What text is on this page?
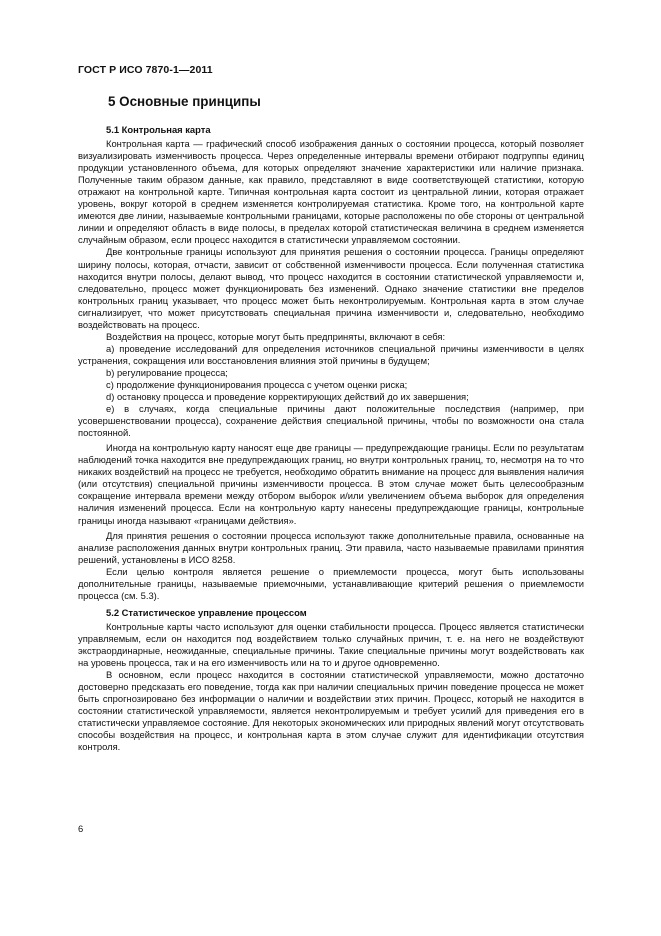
ГОСТ Р ИСО 7870-1—2011
5 Основные принципы
5.1 Контрольная карта

Контрольная карта — графический способ изображения данных о состоянии процесса, который позволяет визуализировать изменчивость процесса. Через определенные интервалы времени отбирают подгруппы единиц продукции установленного объема, для которых определяют значение характеристики или наличие признака. Полученные таким образом данные, как правило, представляют в виде соответствующей статистики, которую отражают на контрольной карте. Типичная контрольная карта состоит из центральной линии, которая отражает уровень, вокруг которой в среднем изменяется контролируемая статистика. Кроме того, на контрольной карте имеются две линии, называемые контрольными границами, которые расположены по обе стороны от центральной линии и определяют область в виде полосы, в пределах которой статистическая величина в среднем изменяется случайным образом, если процесс находится в статистически управляемом состоянии.

Две контрольные границы используют для принятия решения о состоянии процесса. Границы определяют ширину полосы, которая, отчасти, зависит от собственной изменчивости процесса. Если полученная статистика находится внутри полосы, делают вывод, что процесс находится в состоянии статистической управляемости и, следовательно, процесс может функционировать без изменений. Однако значение статистики вне пределов контрольных границ указывает, что процесс может быть неконтролируемым. Контрольная карта в этом случае сигнализирует, что может присутствовать специальная причина изменчивости и, следовательно, необходимо воздействовать на процесс.

Воздействия на процесс, которые могут быть предприняты, включают в себя:

a) проведение исследований для определения источников специальной причины изменчивости в целях устранения, сокращения или восстановления влияния этой причины в будущем;

b) регулирование процесса;

c) продолжение функционирования процесса с учетом оценки риска;

d) остановку процесса и проведение корректирующих действий до их завершения;

e) в случаях, когда специальные причины дают положительные последствия (например, при усовершенствовании процесса), сохранение действия специальной причины, чтобы по возможности она стала постоянной.

Иногда на контрольную карту наносят еще две границы — предупреждающие границы. Если по результатам наблюдений точка находится вне предупреждающих границ, но внутри контрольных границ, то, несмотря на то что никаких воздействий на процесс не требуется, необходимо обратить внимание на процесс для выявления наличия (или отсутствия) специальной причины изменчивости процесса. В этом случае может быть целесообразным сокращение интервала времени между отбором выборок и/или увеличением объема выборок для определения наличия изменений процесса. Если на контрольную карту нанесены предупреждающие границы, контрольные границы иногда называют «границами действия».

Для принятия решения о состоянии процесса используют также дополнительные правила, основанные на анализе расположения данных внутри контрольных границ. Эти правила, часто называемые правилами принятия решений, установлены в ИСО 8258.

Если целью контроля является решение о приемлемости процесса, могут быть использованы дополнительные границы, называемые приемочными, устанавливающие критерий решения о приемлемости процесса (см. 5.3).

5.2 Статистическое управление процессом

Контрольные карты часто используют для оценки стабильности процесса. Процесс является статистически управляемым, если он находится под воздействием только случайных причин, т. е. на него не воздействуют экстраординарные, неожиданные, специальные причины. Такие специальные причины могут воздействовать как на уровень процесса, так и на его изменчивость или на то и другое одновременно.

В основном, если процесс находится в состоянии статистической управляемости, можно достаточно достоверно предсказать его поведение, тогда как при наличии специальных причин поведение процесса не может быть спрогнозировано без информации о наличии и воздействии этих причин. Процесс, который не находится в состоянии статистической управляемости, является неконтролируемым и требует усилий для приведения его в статистически управляемое состояние. Для некоторых экономических или природных явлений могут отсутствовать способы воздействия на процесс, и контрольная карта в этом случае служит для идентификации отсутствия контроля.

6
